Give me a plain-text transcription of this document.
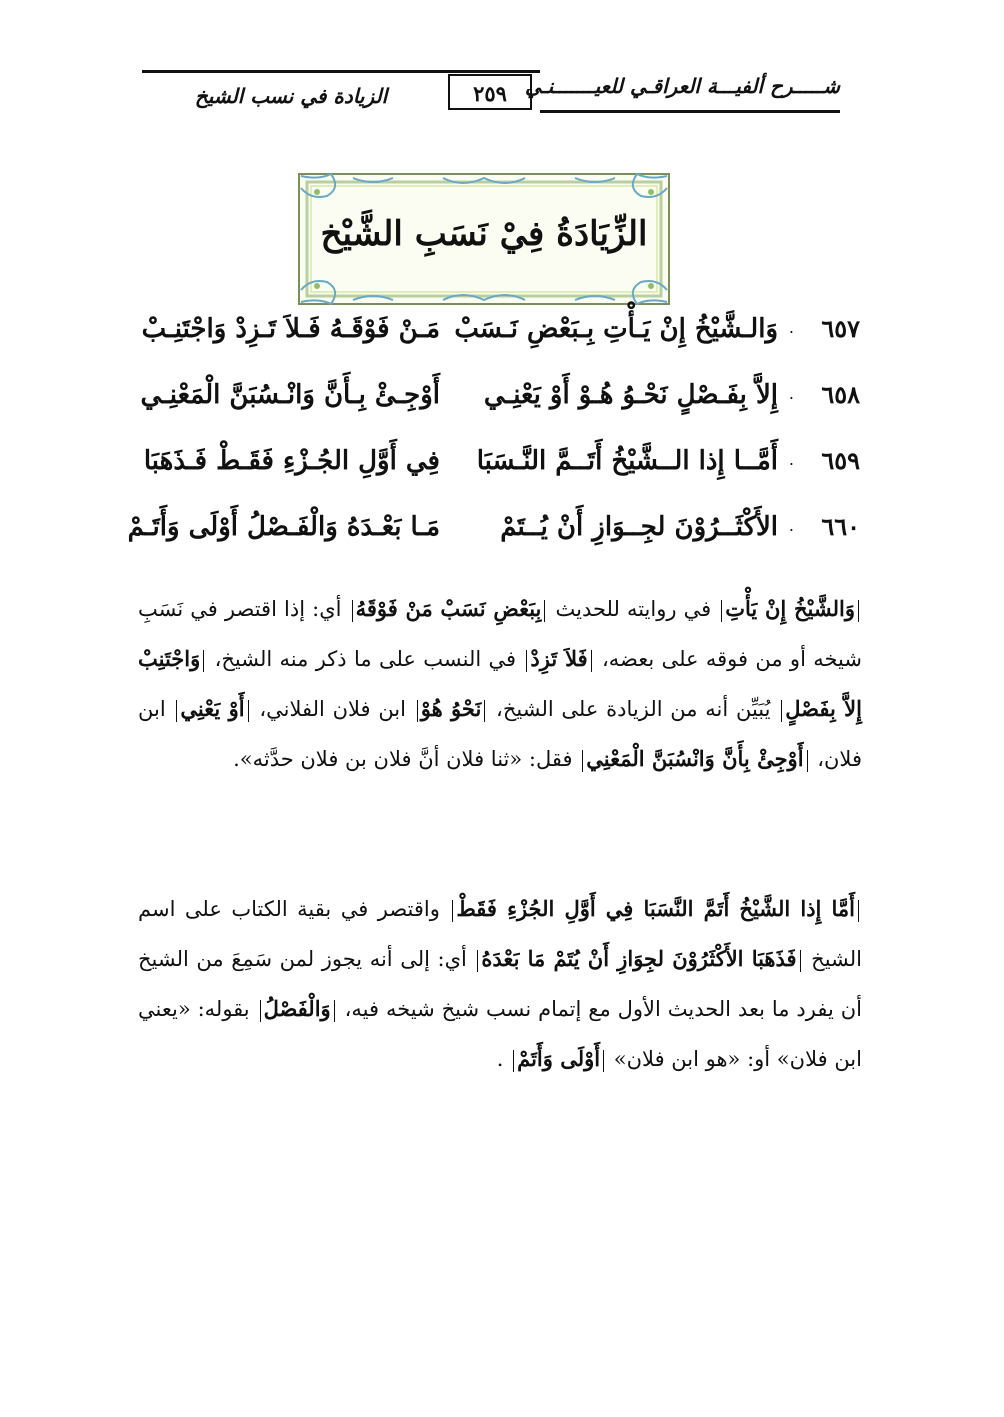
شـــــرح ألفيـــة العراقـي للعيـــــــنـي
٢٥٩
الزيادة في نسب الشيخ
الزِّيَادَةُ فِيْ نَسَبِ الشَّيْخ
٦٥٧
.
وَالـشَّيْخُ إِنْ يَـأْتِ بِـبَعْضِ نَـسَبْ
مَـنْ فَوْقَـهُ فَـلاَ تَـزِدْ وَاجْتَنِـبْ
٦٥٨
.
إِلاَّ بِفَـصْلٍ نَحْـوُ هُـوْ أَوْ يَعْنِـي
أَوْجِـئْ بِـأَنَّ وَانْـسُبَنَّ الْمَعْنِـي
٦٥٩
.
أَمَّــا إِذا الــشَّيْخُ أَتَــمَّ النَّـسَبَا
فِي أَوَّلِ الجُـزْءِ فَقَـطْ فَـذَهَبَا
٦٦٠
.
الأَكْثَــرُوْنَ لجِــوَازِ أَنْ يُــتَمْ
مَـا بَعْـدَهُ وَالْفَـصْلُ أَوْلَى وَأَتَـمْ
وَالشَّيْخُ إِنْ يَأْتِ في روايته للحديث بِبَعْضِ نَسَبْ مَنْ فَوْقَهُ أي: إذا اقتصر في نَسَبِ شيخه أو من فوقه على بعضه، فَلاَ تَزِدْ في النسب على ما ذكر منه الشيخ، وَاجْتَنِبْ إِلاَّ بِفَصْلٍ يُبَيِّن أنه من الزيادة على الشيخ، نَحْوُ هُوْ ابن فلان الفلاني، أَوْ يَعْنِي ابن فلان، أَوْجِئْ بِأَنَّ وَانْسُبَنَّ الْمَعْنِي فقل: «ثنا فلان أنَّ فلان بن فلان حدَّثه».
أَمَّا إِذا الشَّيْخُ أَتَمَّ النَّسَبَا فِي أَوَّلِ الجُزْءِ فَقَطْ واقتصر في بقية الكتاب على اسم الشيخ فَذَهَبَا الأَكْثَرُوْنَ لجِوَازِ أَنْ يُتَمْ مَا بَعْدَهُ أي: إلى أنه يجوز لمن سَمِعَ من الشيخ أن يفرد ما بعد الحديث الأول مع إتمام نسب شيخ شيخه فيه، وَالْفَصْلُ بقوله: «يعني ابن فلان» أو: «هو ابن فلان» أَوْلَى وَأَتَمْ .
